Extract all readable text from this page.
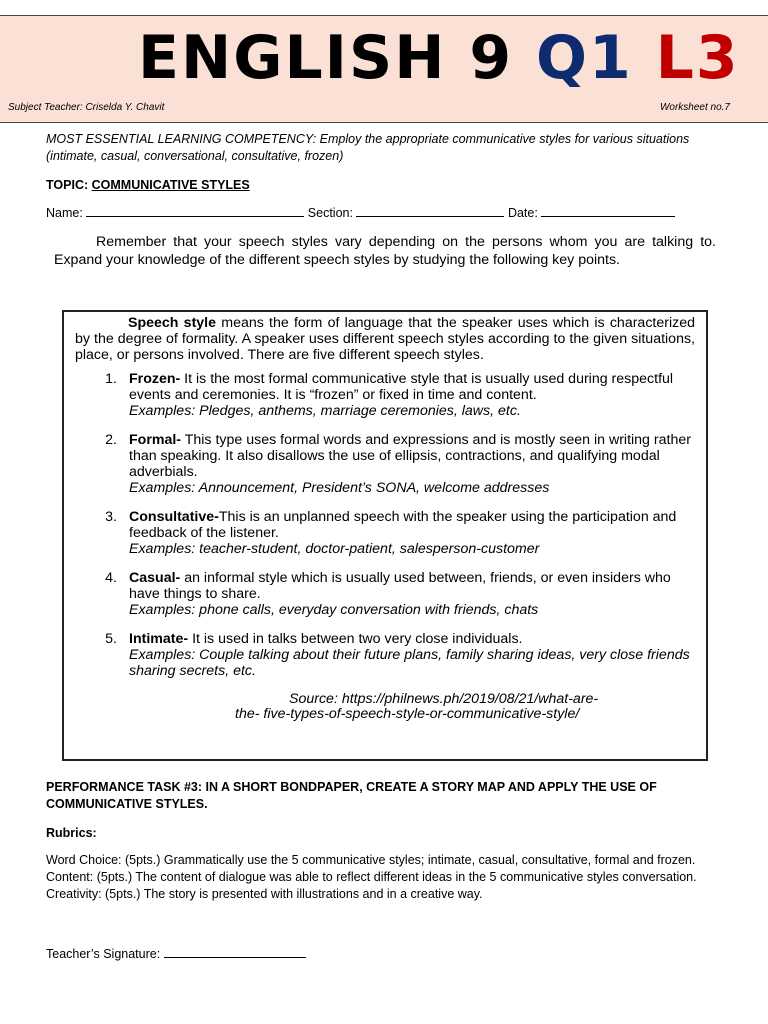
ENGLISH 9 Q1 L3
Subject Teacher: Criselda Y. Chavit	Worksheet no.7
MOST ESSENTIAL LEARNING COMPETENCY: Employ the appropriate communicative styles for various situations (intimate, casual, conversational, consultative, frozen)
TOPIC: COMMUNICATIVE STYLES
Name:	Section:	Date:
Remember that your speech styles vary depending on the persons whom you are talking to. Expand your knowledge of the different speech styles by studying the following key points.

Speech style means the form of language that the speaker uses which is characterized by the degree of formality. A speaker uses different speech styles according to the given situations, place, or persons involved. There are five different speech styles.

1. Frozen- It is the most formal communicative style that is usually used during respectful events and ceremonies. It is “frozen” or fixed in time and content.
Examples: Pledges, anthems, marriage ceremonies, laws, etc.
2. Formal- This type uses formal words and expressions and is mostly seen in writing rather than speaking. It also disallows the use of ellipsis, contractions, and qualifying modal adverbials.
Examples: Announcement, President’s SONA, welcome addresses
3. Consultative-This is an unplanned speech with the speaker using the participation and feedback of the listener.
Examples: teacher-student, doctor-patient, salesperson-customer
4. Casual- an informal style which is usually used between, friends, or even insiders who have things to share.
Examples: phone calls, everyday conversation with friends, chats
5. Intimate- It is used in talks between two very close individuals.
Examples: Couple talking about their future plans, family sharing ideas, very close friends sharing secrets, etc.
Source: https://philnews.ph/2019/08/21/what-are-
the- five-types-of-speech-style-or-communicative-style/
PERFORMANCE TASK #3: IN A SHORT BONDPAPER, CREATE A STORY MAP AND APPLY THE USE OF COMMUNICATIVE STYLES.
Rubrics:
Word Choice: (5pts.) Grammatically use the 5 communicative styles; intimate, casual, consultative, formal and frozen.
Content: (5pts.) The content of dialogue was able to reflect different ideas in the 5 communicative styles conversation.
Creativity: (5pts.) The story is presented with illustrations and in a creative way.
Teacher’s Signature:
